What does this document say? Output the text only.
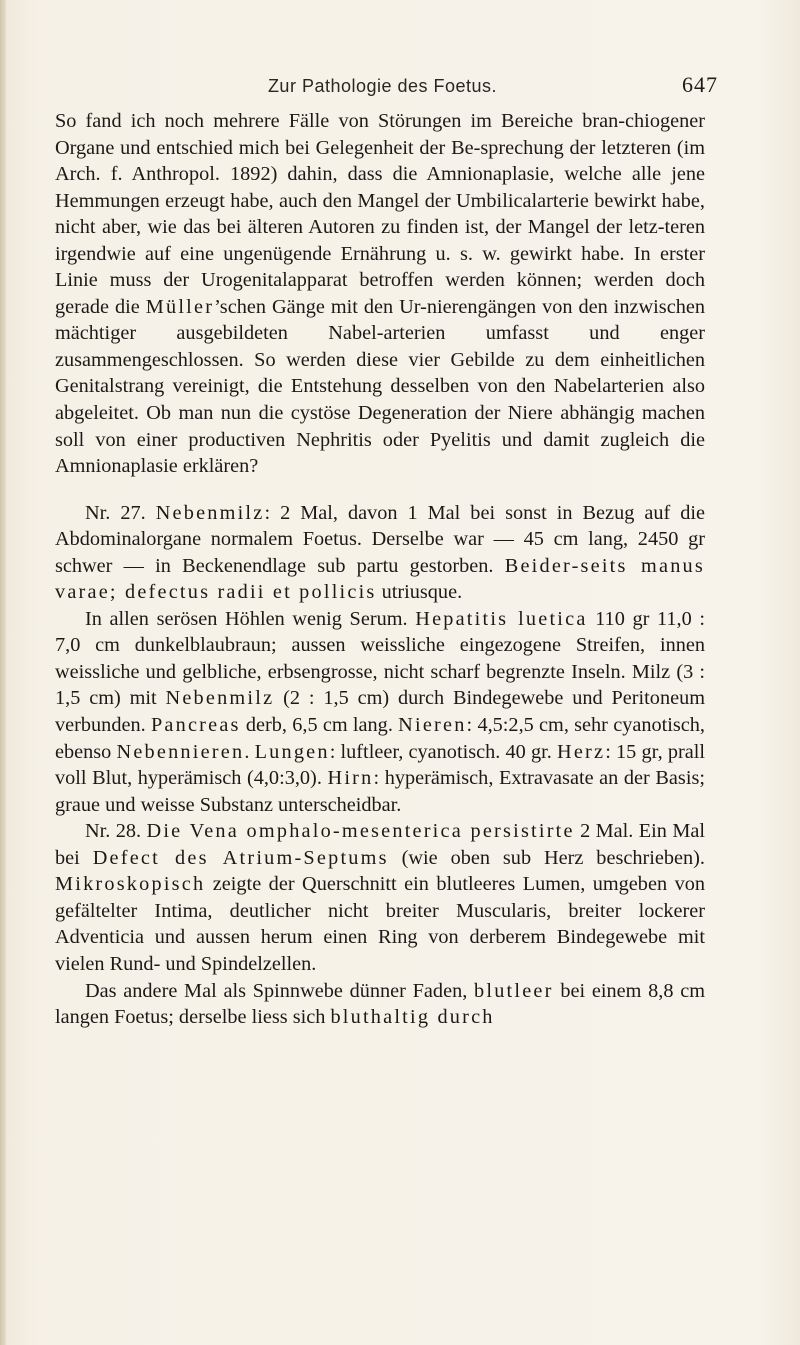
Zur Pathologie des Foetus.	647

So fand ich noch mehrere Fälle von Störungen im Bereiche bran-chiogener Organe und entschied mich bei Gelegenheit der Be-sprechung der letzteren (im Arch. f. Anthropol. 1892) dahin, dass die Amnionaplasie, welche alle jene Hemmungen erzeugt habe, auch den Mangel der Umbilicalarterie bewirkt habe, nicht aber, wie das bei älteren Autoren zu finden ist, der Mangel der letz-teren irgendwie auf eine ungenügende Ernährung u. s. w. gewirkt habe. In erster Linie muss der Urogenitalapparat betroffen werden können; werden doch gerade die Müller’schen Gänge mit den Ur-nierengängen von den inzwischen mächtiger ausgebildeten Nabel-arterien umfasst und enger zusammengeschlossen. So werden diese vier Gebilde zu dem einheitlichen Genitalstrang vereinigt, die Entstehung desselben von den Nabelarterien also abgeleitet. Ob man nun die cystöse Degeneration der Niere abhängig machen soll von einer productiven Nephritis oder Pyelitis und damit zugleich die Amnionaplasie erklären?

Nr. 27. Nebenmilz: 2 Mal, davon 1 Mal bei sonst in Bezug auf die Abdominalorgane normalem Foetus. Derselbe war — 45 cm lang, 2450 gr schwer — in Beckenendlage sub partu gestorben. Beider-seits manus varae; defectus radii et pollicis utriusque.

In allen serösen Höhlen wenig Serum. Hepatitis luetica 110 gr 11,0 : 7,0 cm dunkelblaubraun; aussen weissliche eingezogene Streifen, innen weissliche und gelbliche, erbsengrosse, nicht scharf begrenzte Inseln. Milz (3 : 1,5 cm) mit Nebenmilz (2 : 1,5 cm) durch Bindegewebe und Peritoneum verbunden. Pancreas derb, 6,5 cm lang. Nieren: 4,5:2,5 cm, sehr cyanotisch, ebenso Nebennieren. Lungen: luftleer, cyanotisch. 40 gr. Herz: 15 gr, prall voll Blut, hyperämisch (4,0:3,0). Hirn: hyperämisch, Extravasate an der Basis; graue und weisse Substanz unterscheidbar.

Nr. 28. Die Vena omphalo-mesenterica persistirte 2 Mal. Ein Mal bei Defect des Atrium-Septums (wie oben sub Herz beschrieben). Mikroskopisch zeigte der Querschnitt ein blutleeres Lumen, umgeben von gefältelter Intima, deutlicher nicht breiter Muscularis, breiter lockerer Adventicia und aussen herum einen Ring von derberem Bindegewebe mit vielen Rund- und Spindelzellen.

Das andere Mal als Spinnwebe dünner Faden, blutleer bei einem 8,8 cm langen Foetus; derselbe liess sich bluthaltig durch
